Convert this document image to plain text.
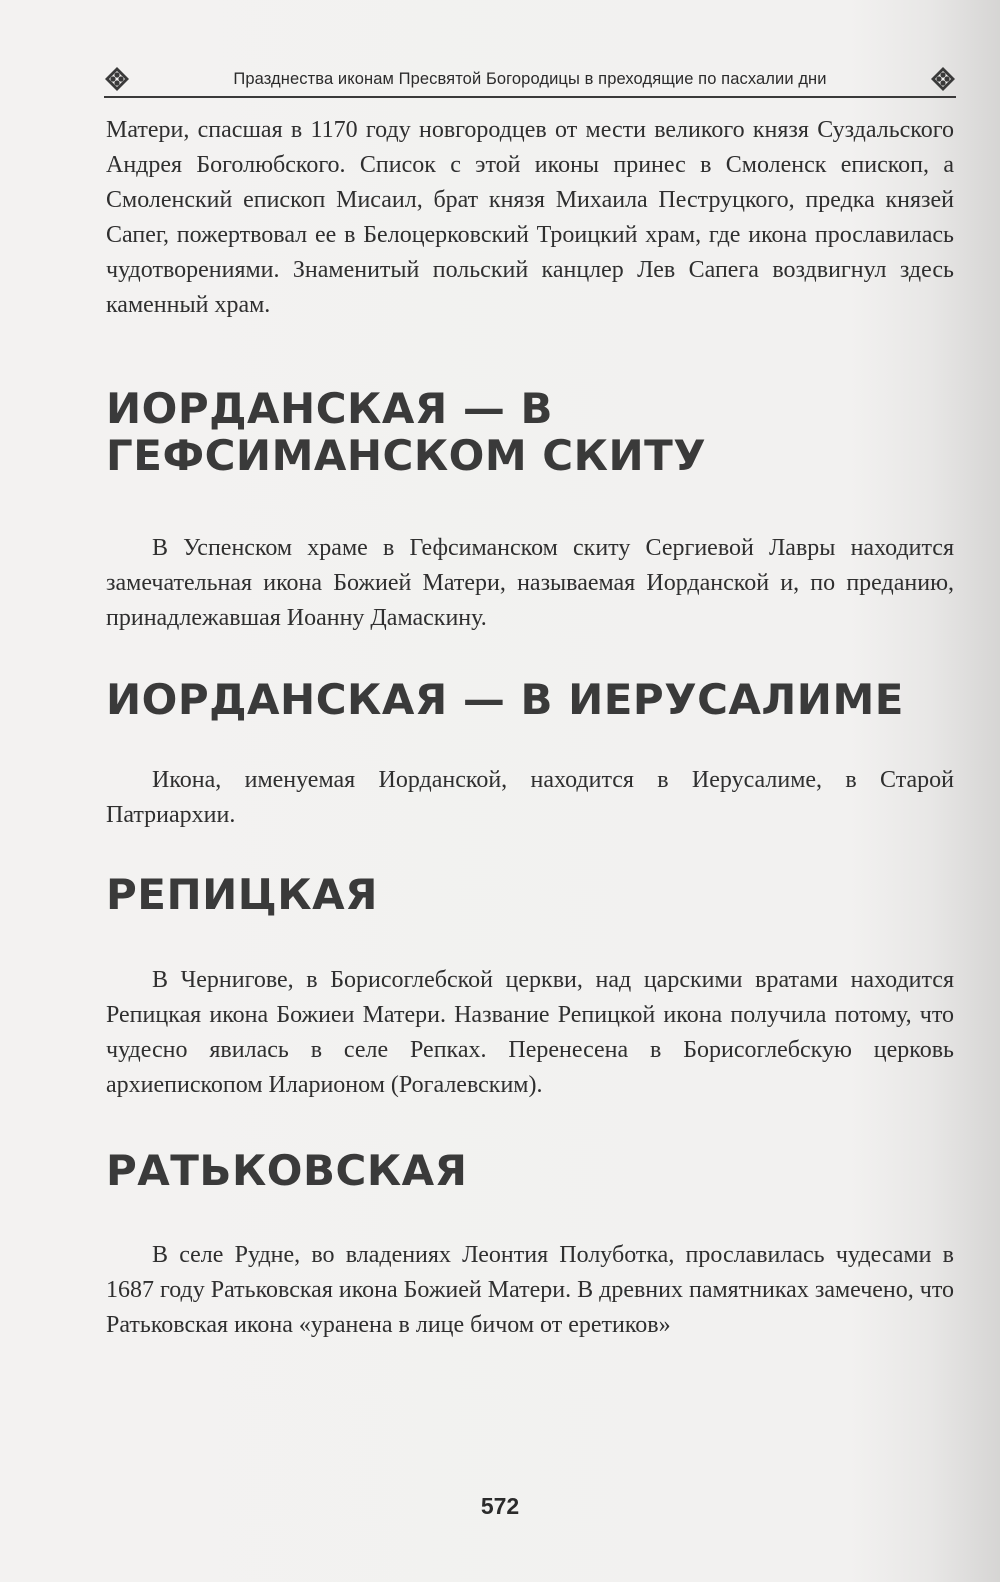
Празднества иконам Пресвятой Богородицы в преходящие по пасхалии дни

Матери, спасшая в 1170 году новгородцев от мести великого князя Суздальского Андрея Боголюбского. Список с этой иконы принес в Смоленск епископ, а Смоленский епископ Мисаил, брат князя Михаила Пеструцкого, предка князей Сапег, пожертвовал ее в Белоцерковский Троицкий храм, где икона прославилась чудотворениями. Знаменитый польский канцлер Лев Сапега воздвигнул здесь каменный храм.

ИОРДАНСКАЯ — В ГЕФСИМАНСКОМ СКИТУ

В Успенском храме в Гефсиманском скиту Сергиевой Лавры находится замечательная икона Божией Матери, называемая Иорданской и, по преданию, принадлежавшая Иоанну Дамаскину.

ИОРДАНСКАЯ — В ИЕРУСАЛИМЕ

Икона, именуемая Иорданской, находится в Иерусалиме, в Старой Патриархии.

РЕПИЦКАЯ

В Чернигове, в Борисоглебской церкви, над царскими вратами находится Репицкая икона Божиеи Матери. Название Репицкой икона получила потому, что чудесно явилась в селе Репках. Перенесена в Борисоглебскую церковь архиепископом Иларионом (Рогалевским).

РАТЬКОВСКАЯ

В селе Рудне, во владениях Леонтия Полуботка, прославилась чудесами в 1687 году Ратьковская икона Божией Матери. В древних памятниках замечено, что Ратьковская икона «уранена в лице бичом от еретиков»

572
